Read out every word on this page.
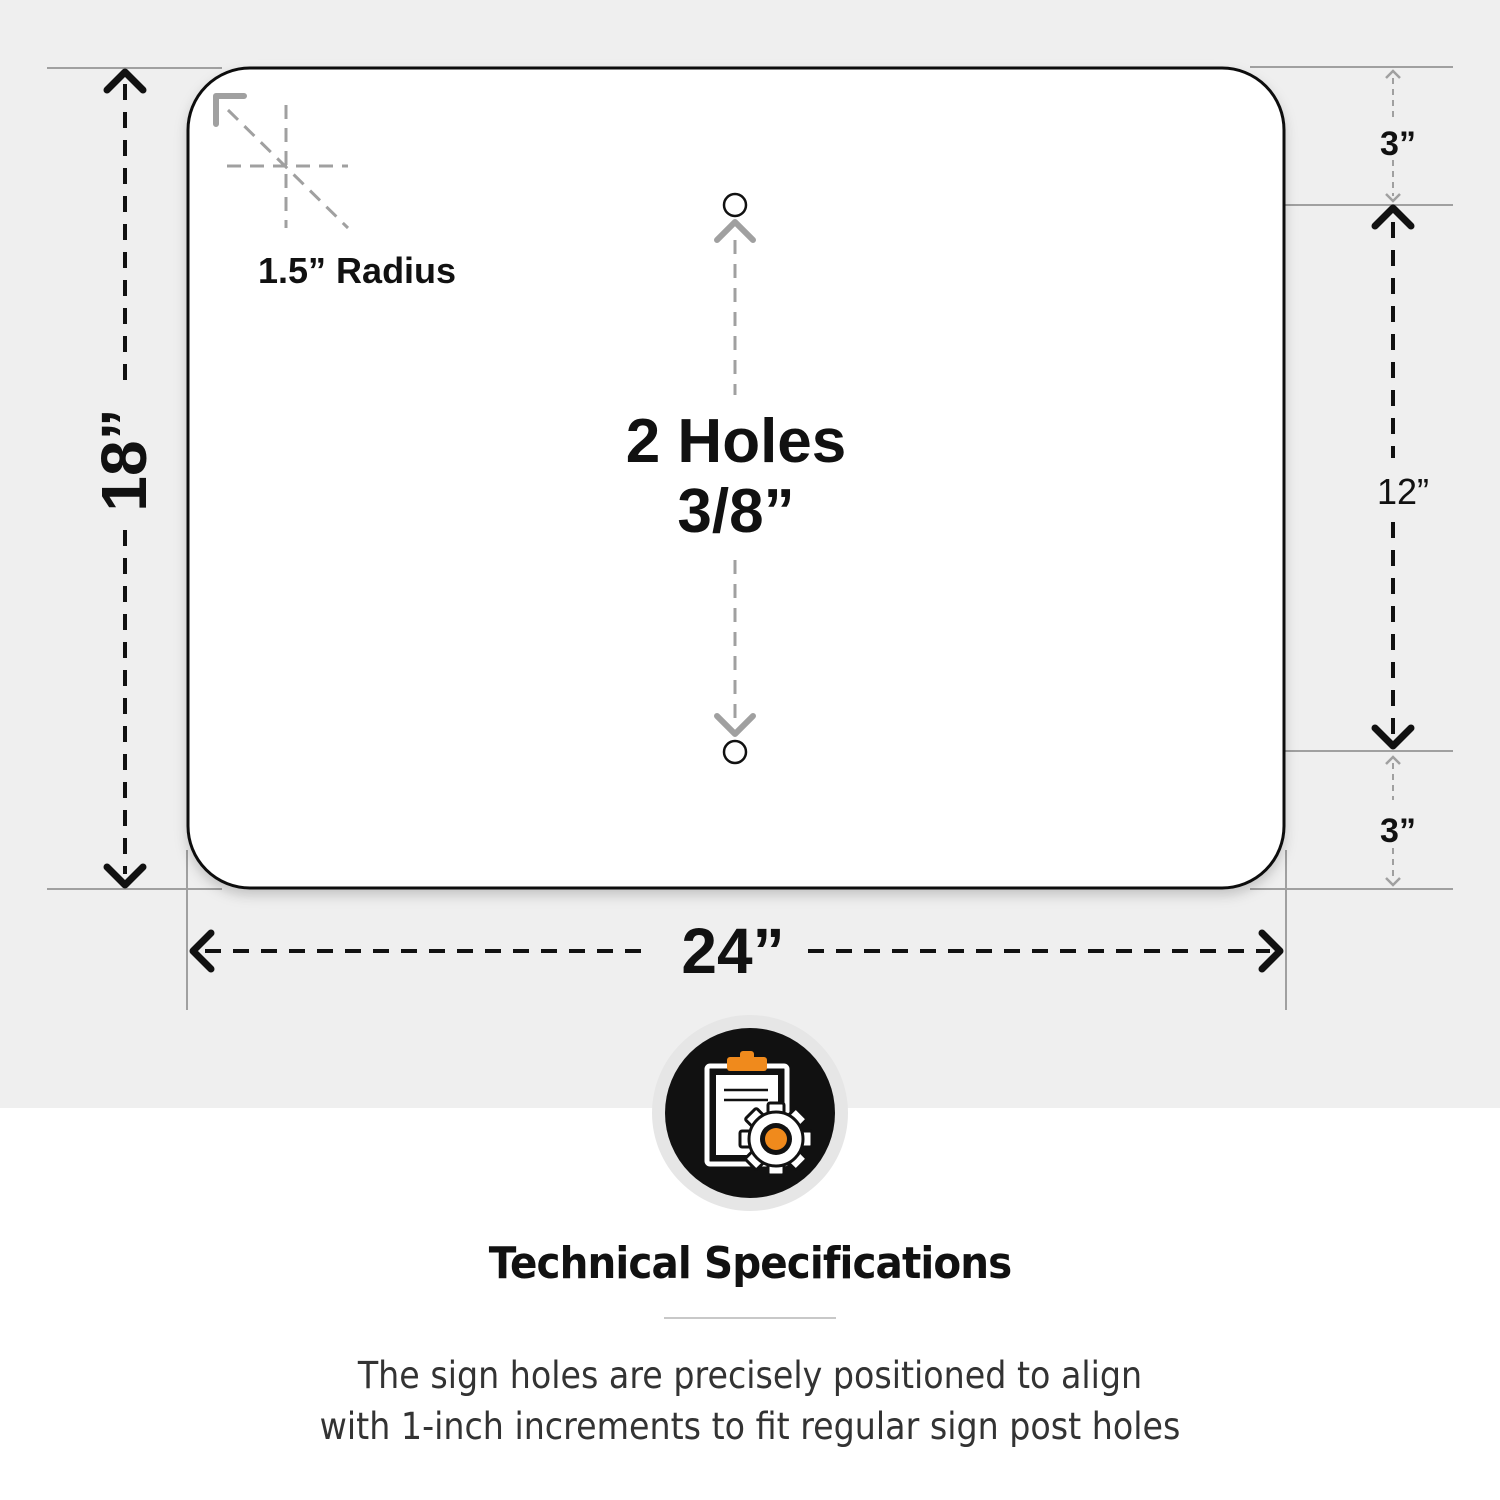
1.5” Radius
2 Holes
3/8”
18”
24”
3”
12”
3”
Technical Specifications
The sign holes are precisely positioned to align
with 1-inch increments to fit regular sign post holes
